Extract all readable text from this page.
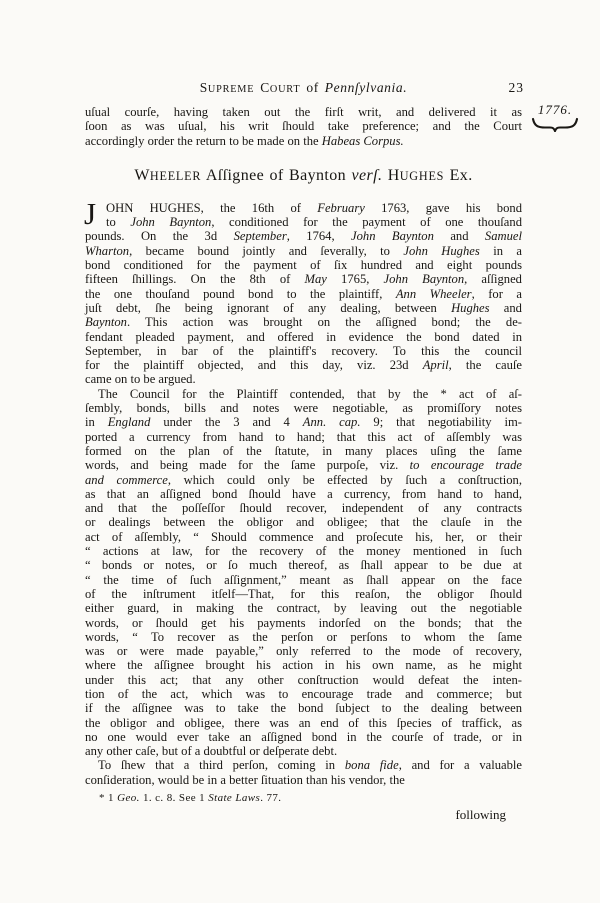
1776.
SUPREME COURT of Pennſylvania.	23
uſual courſe, having taken out the firſt writ, and delivered it as
ſoon as was uſual, his writ ſhould take preference; and the Court
accordingly order the return to be made on the Habeas Corpus.
WHEELER Aſſignee of Baynton verſ. HUGHES Ex.
J OHN HUGHES, the 16th of February 1763, gave his bond
to John Baynton, conditioned for the payment of one thouſand
pounds. On the 3d September, 1764, John Baynton and Samuel
Wharton, became bound jointly and ſeverally, to John Hughes in a
bond conditioned for the payment of ſix hundred and eight pounds
fifteen ſhillings. On the 8th of May 1765, John Baynton, aſſigned
the one thouſand pound bond to the plaintiff, Ann Wheeler, for a
juſt debt, ſhe being ignorant of any dealing, between Hughes and
Baynton. This action was brought on the aſſigned bond; the de-
fendant pleaded payment, and offered in evidence the bond dated in
September, in bar of the plaintiff's recovery. To this the council
for the plaintiff objected, and this day, viz. 23d April, the cauſe
came on to be argued.
The Council for the Plaintiff contended, that by the * act of aſ-
ſembly, bonds, bills and notes were negotiable, as promiſſory notes
in England under the 3 and 4 Ann. cap. 9; that negotiability im-
ported a currency from hand to hand; that this act of aſſembly was
formed on the plan of the ſtatute, in many places uſing the ſame
words, and being made for the ſame purpoſe, viz. to encourage trade
and commerce, which could only be effected by ſuch a conſtruction,
as that an aſſigned bond ſhould have a currency, from hand to hand,
and that the poſſeſſor ſhould recover, independent of any contracts
or dealings between the obligor and obligee; that the clauſe in the
act of aſſembly, “ Should commence and proſecute his, her, or their
“ actions at law, for the recovery of the money mentioned in ſuch
“ bonds or notes, or ſo much thereof, as ſhall appear to be due at
“ the time of ſuch aſſignment,” meant as ſhall appear on the face
of the inſtrument itſelf—That, for this reaſon, the obligor ſhould
either guard, in making the contract, by leaving out the negotiable
words, or ſhould get his payments indorſed on the bonds; that the
words, “ To recover as the perſon or perſons to whom the ſame
was or were made payable,” only referred to the mode of recovery,
where the aſſignee brought his action in his own name, as he might
under this act; that any other conſtruction would defeat the inten-
tion of the act, which was to encourage trade and commerce; but
if the aſſignee was to take the bond ſubject to the dealing between
the obligor and obligee, there was an end of this ſpecies of traffick, as
no one would ever take an aſſigned bond in the courſe of trade, or in
any other caſe, but of a doubtful or deſperate debt.
To ſhew that a third perſon, coming in bona fide, and for a valuable
conſideration, would be in a better ſituation than his vendor, the
* 1 Geo. 1. c. 8. See 1 State Laws. 77.
following
